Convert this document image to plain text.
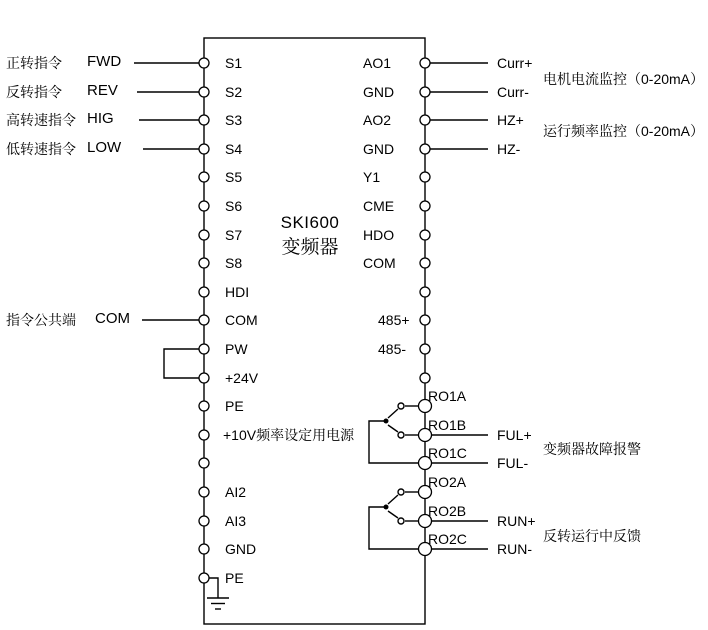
SKI600
变频器
S1
S2
S3
S4
S5
S6
S7
S8
HDI
COM
PW
+24V
PE
+10V频率设定用电源
AI2
AI3
GND
PE
AO1
GND
AO2
GND
Y1
CME
HDO
COM
485+
485-
RO1A
RO1B
RO1C
RO2A
RO2B
RO2C
正转指令
反转指令
高转速指令
低转速指令
指令公共端
FWD
REV
HIG
LOW
COM
Curr+
Curr-
HZ+
HZ-
FUL+
FUL-
RUN+
RUN-
电机电流监控（0-20mA）
运行频率监控（0-20mA）
变频器故障报警
反转运行中反馈
